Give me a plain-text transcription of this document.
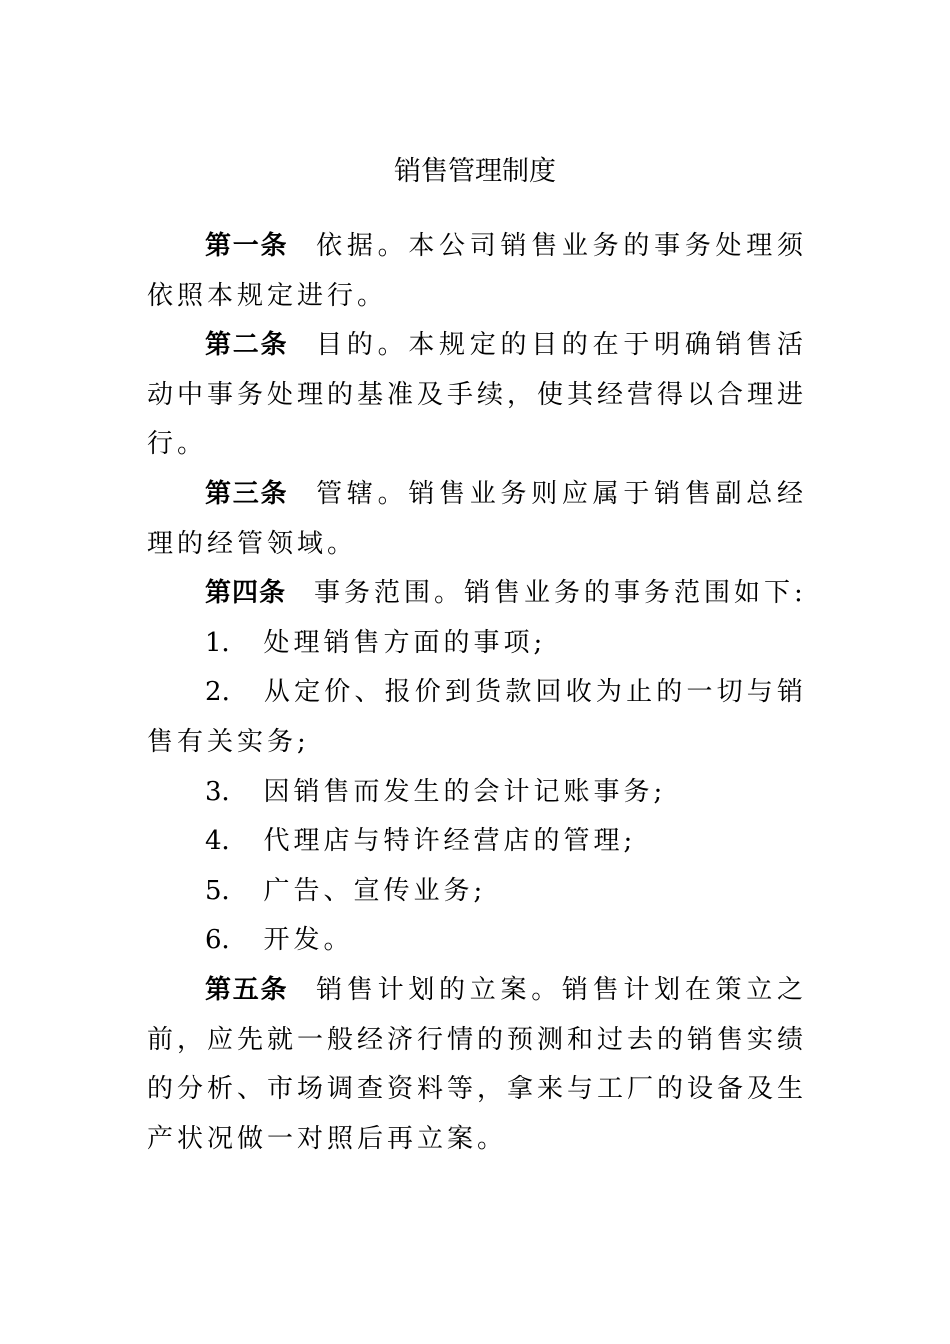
销售管理制度

第一条 依据。本公司销售业务的事务处理须依照本规定进行。

第二条 目的。本规定的目的在于明确销售活动中事务处理的基准及手续，使其经营得以合理进行。

第三条 管辖。销售业务则应属于销售副总经理的经管领域。

第四条 事务范围。销售业务的事务范围如下:

1． 处理销售方面的事项;

2． 从定价、报价到货款回收为止的一切与销售有关实务;

3． 因销售而发生的会计记账事务;

4． 代理店与特许经营店的管理;

5． 广告、宣传业务;

6． 开发。

第五条 销售计划的立案。销售计划在策立之前，应先就一般经济行情的预测和过去的销售实绩的分析、市场调查资料等，拿来与工厂的设备及生产状况做一对照后再立案。
